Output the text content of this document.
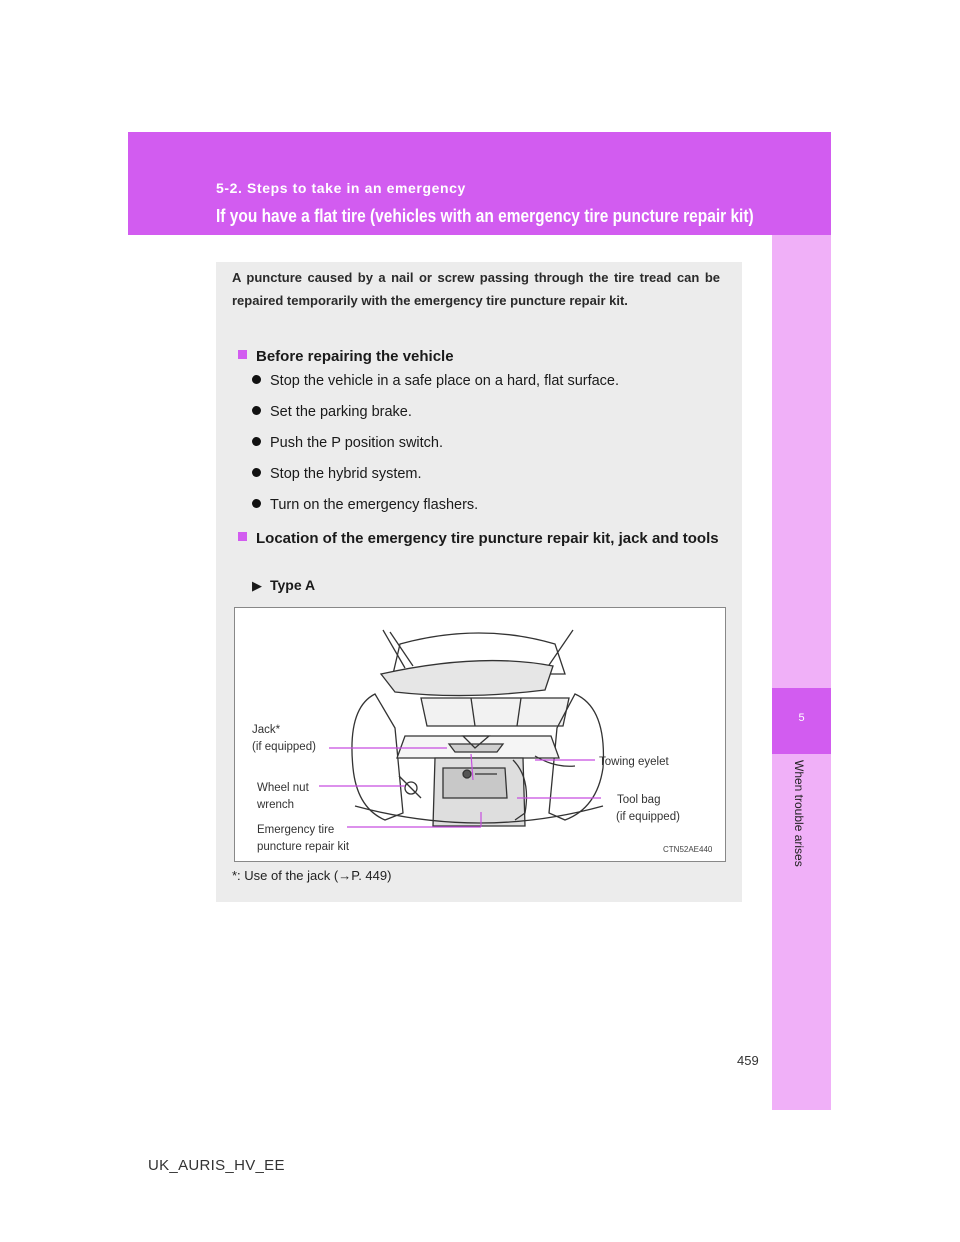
5-2. Steps to take in an emergency
If you have a flat tire (vehicles with an emergency tire puncture repair kit)
5
When trouble arises
A puncture caused by a nail or screw passing through the tire tread can be repaired temporarily with the emergency tire puncture repair kit.
Before repairing the vehicle
Stop the vehicle in a safe place on a hard, flat surface.
Set the parking brake.
Push the P position switch.
Stop the hybrid system.
Turn on the emergency flashers.
Location of the emergency tire puncture repair kit, jack and tools
▶ Type A
Jack*
(if equipped)
Towing eyelet
Wheel nut
wrench	Tool bag
(if equipped)
Emergency tire
puncture repair kit	CTN52AE440
*: Use of the jack (→P. 449)
459
UK_AURIS_HV_EE
